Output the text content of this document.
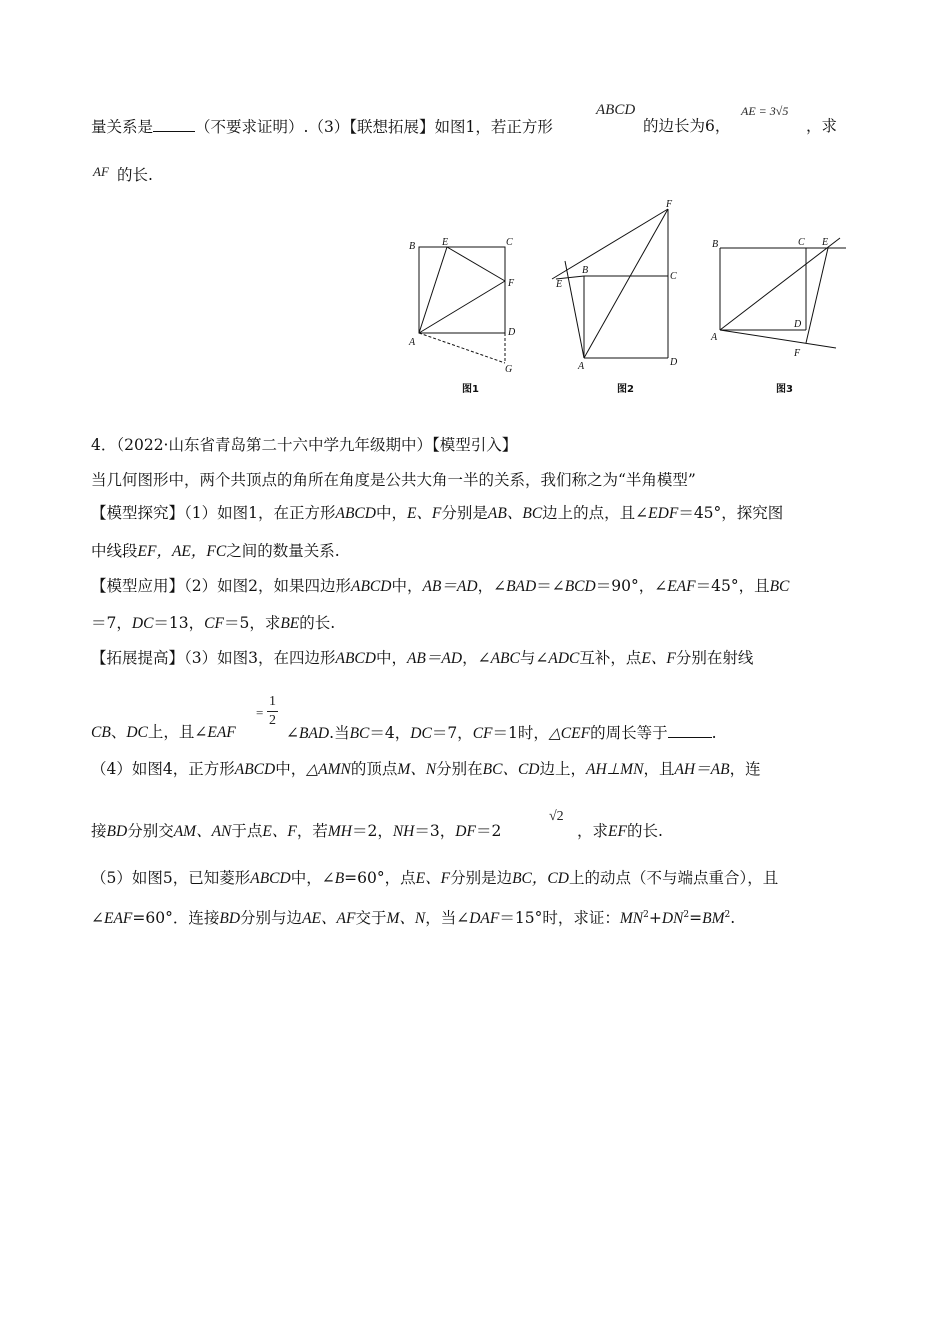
量关系是	（不要求证明）.（3）【联想拓展】如图1，若正方形
ABCD
的边长为6，
AE = 3√5
，求
AF 的长.
B	E	C
F
A
D
G
图1
F
B
C
E
A	D
图2
B	C E
A
D
F
图3
4．（2022·山东省青岛第二十六中学九年级期中）【模型引入】
当几何图形中，两个共顶点的角所在角度是公共大角一半的关系，我们称之为“半角模型”
【模型探究】（1）如图1，在正方形ABCD中，E、F分别是AB、BC边上的点，且∠EDF＝45°，探究图
中线段EF，AE，FC之间的数量关系.
【模型应用】（2）如图2，如果四边形ABCD中，AB＝AD，∠BAD＝∠BCD＝90°，∠EAF＝45°，且BC
＝7，DC＝13，CF＝5，求BE的长.
【拓展提高】（3）如图3，在四边形ABCD中，AB＝AD，∠ABC与∠ADC互补，点E、F分别在射线
=
1
2
CB、DC上，且∠EAF	∠BAD.当BC＝4，DC＝7，CF＝1时，△CEF的周长等于	.
（4）如图4，正方形ABCD中，△AMN的顶点M、N分别在BC、CD边上，AH⊥MN，且AH＝AB，连
接BD分别交AM、AN于点E、F，若MH＝2，NH＝3，DF＝2
√2
，求EF的长.
（5）如图5，已知菱形ABCD中，∠B=60°，点E、F分别是边BC，CD上的动点（不与端点重合），且
∠EAF=60°．连接BD分别与边AE、AF交于M、N，当∠DAF＝15°时，求证：$MN^2+DN^2=BM^2$.
